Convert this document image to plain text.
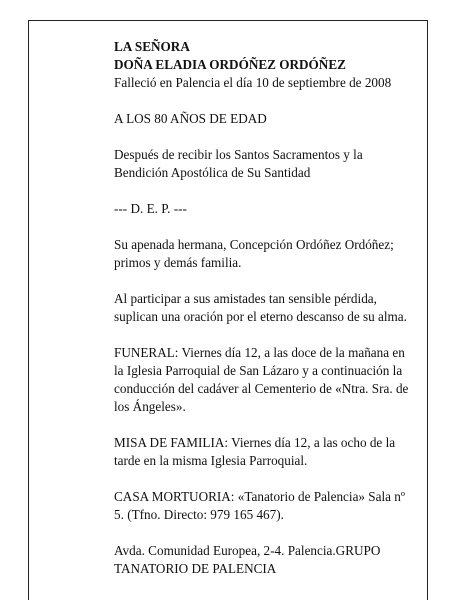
LA SEÑORA

DOÑA ELADIA ORDÓÑEZ ORDÓÑEZ

Falleció en Palencia el día 10 de septiembre de 2008

A LOS 80 AÑOS DE EDAD

Después de recibir los Santos Sacramentos y la Bendición Apostólica de Su Santidad

--- D. E. P. ---

Su apenada hermana, Concepción Ordóñez Ordóñez; primos y demás familia.

Al participar a sus amistades tan sensible pérdida, suplican una oración por el eterno descanso de su alma.

FUNERAL: Viernes día 12, a las doce de la mañana en la Iglesia Parroquial de San Lázaro y a continuación la conducción del cadáver al Cementerio de «Ntra. Sra. de los Ángeles».

MISA DE FAMILIA: Viernes día 12, a las ocho de la tarde en la misma Iglesia Parroquial.

CASA MORTUORIA: «Tanatorio de Palencia» Sala nº 5. (Tfno. Directo: 979 165 467).

Avda. Comunidad Europea, 2-4. Palencia.GRUPO TANATORIO DE PALENCIA
